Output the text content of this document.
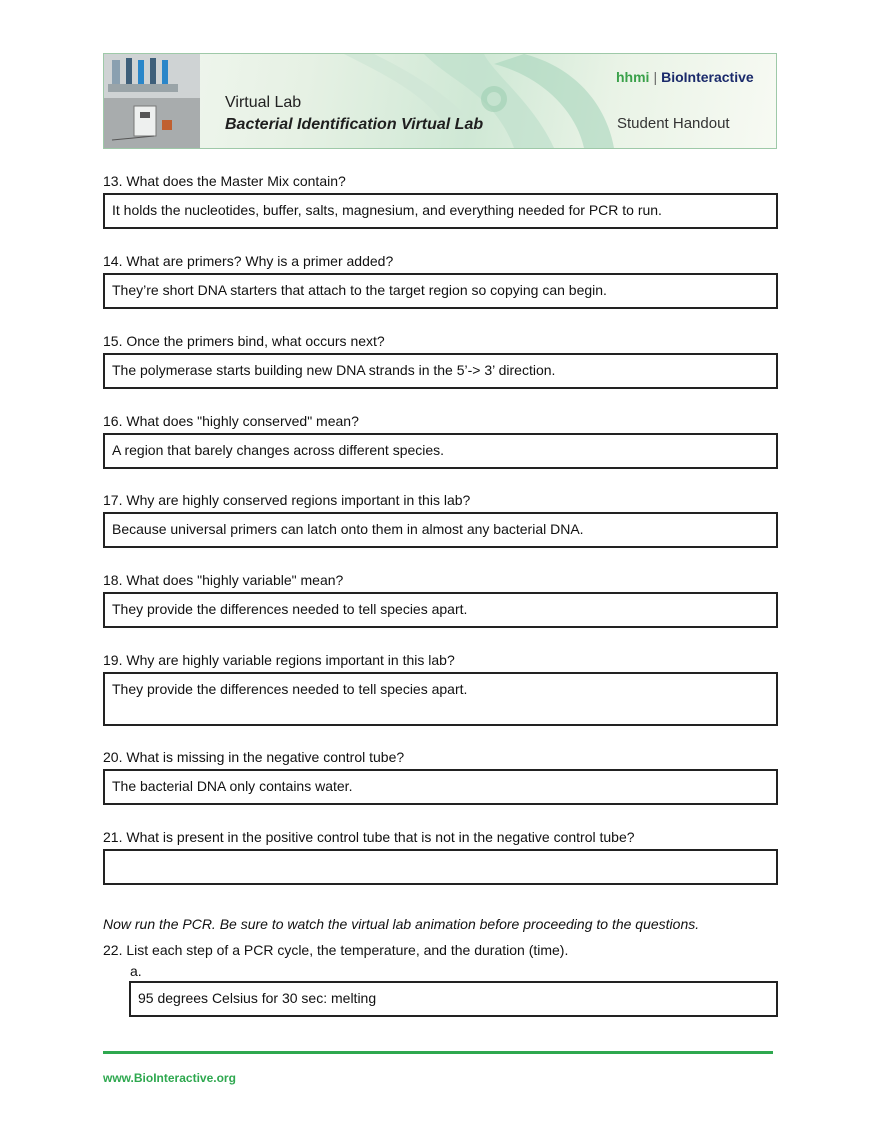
Virtual Lab
Bacterial Identification Virtual Lab	Student Handout
hhmi | BioInteractive
13. What does the Master Mix contain?
It holds the nucleotides, buffer, salts, magnesium, and everything needed for PCR to run.
14. What are primers? Why is a primer added?
They’re short DNA starters that attach to the target region so copying can begin.
15. Once the primers bind, what occurs next?
The polymerase starts building new DNA strands in the 5’-> 3’ direction.
16. What does "highly conserved" mean?
A region that barely changes across different species.
17. Why are highly conserved regions important in this lab?
Because universal primers can latch onto them in almost any bacterial DNA.
18. What does "highly variable" mean?
They provide the differences needed to tell species apart.
19. Why are highly variable regions important in this lab?
They provide the differences needed to tell species apart.
20. What is missing in the negative control tube?
The bacterial DNA only contains water.
21. What is present in the positive control tube that is not in the negative control tube?
Now run the PCR. Be sure to watch the virtual lab animation before proceeding to the questions.
22. List each step of a PCR cycle, the temperature, and the duration (time).
a.
95 degrees Celsius for 30 sec: melting
www.BioInteractive.org
